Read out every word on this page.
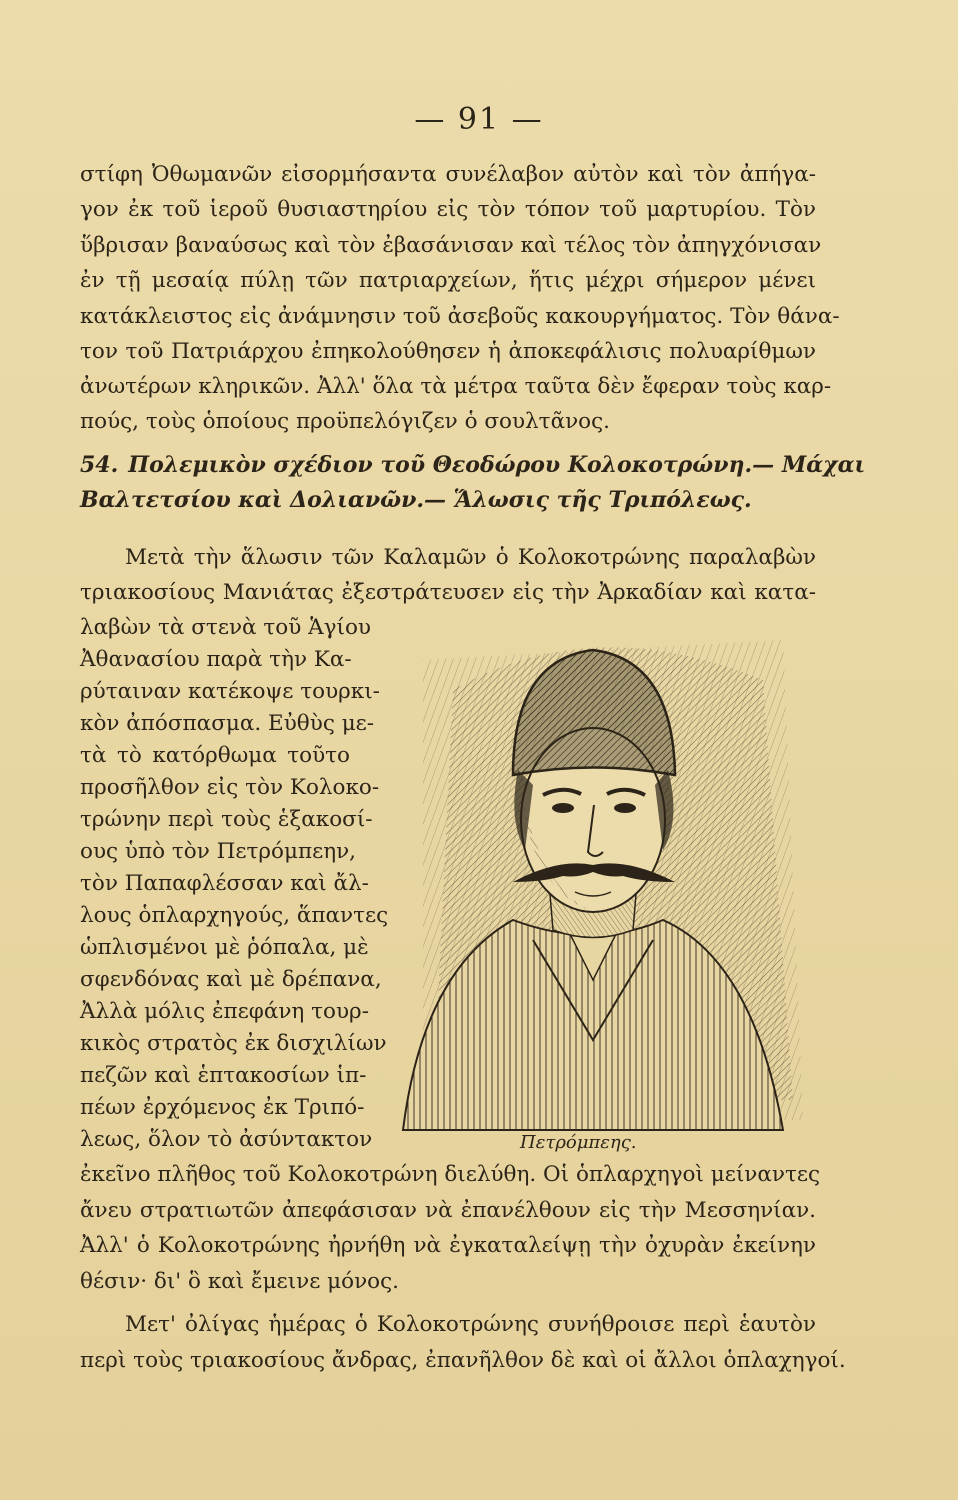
— 91 —
στίφη Ὀθωμανῶν εἰσορμήσαντα συνέλαβον αὐτὸν καὶ τὸν ἀπήγα-
γον ἐκ τοῦ ἱεροῦ θυσιαστηρίου εἰς τὸν τόπον τοῦ μαρτυρίου. Τὸν
ὕβρισαν βαναύσως καὶ τὸν ἐβασάνισαν καὶ τέλος τὸν ἀπηγχόνισαν
ἐν τῇ μεσαίᾳ πύλῃ τῶν πατριαρχείων, ἥτις μέχρι σήμερον μένει
κατάκλειστος εἰς ἀνάμνησιν τοῦ ἀσεβοῦς κακουργήματος. Τὸν θάνα-
τον τοῦ Πατριάρχου ἐπηκολούθησεν ἡ ἀποκεφάλισις πολυαρίθμων
ἀνωτέρων κληρικῶν. Ἀλλ' ὅλα τὰ μέτρα ταῦτα δὲν ἔφεραν τοὺς καρ-
πούς, τοὺς ὁποίους προϋπελόγιζεν ὁ σουλτᾶνος.
54. Πολεμικὸν σχέδιον τοῦ Θεοδώρου Κολοκοτρώνη.— Μάχαι
Βαλτετσίου καὶ Δολιανῶν.— Ἅλωσις τῆς Τριπόλεως.
Μετὰ τὴν ἅλωσιν τῶν Καλαμῶν ὁ Κολοκοτρώνης παραλαβὼν
τριακοσίους Μανιάτας ἐξεστράτευσεν εἰς τὴν Ἀρκαδίαν καὶ κατα-
λαβὼν τὰ στενὰ τοῦ Ἁγίου
Ἀθανασίου παρὰ τὴν Κα-
ρύταιναν κατέκοψε τουρκι-
κὸν ἀπόσπασμα. Εὐθὺς με-
τὰ τὸ κατόρθωμα τοῦτο
προσῆλθον εἰς τὸν Κολοκο-
τρώνην περὶ τοὺς ἑξακοσί-
ους ὑπὸ τὸν Πετρόμπεην,
τὸν Παπαφλέσσαν καὶ ἄλ-
λους ὁπλαρχηγούς, ἅπαντες
ὡπλισμένοι μὲ ῥόπαλα, μὲ
σφενδόνας καὶ μὲ δρέπανα,
Ἀλλὰ μόλις ἐπεφάνη τουρ-
κικὸς στρατὸς ἐκ δισχιλίων
πεζῶν καὶ ἑπτακοσίων ἱπ-
πέων ἐρχόμενος ἐκ Τριπό-
λεως, ὅλον τὸ ἀσύντακτον
ἐκεῖνο πλῆθος τοῦ Κολοκοτρώνη διελύθη. Οἱ ὁπλαρχηγοὶ μείναντες
ἄνευ στρατιωτῶν ἀπεφάσισαν νὰ ἐπανέλθουν εἰς τὴν Μεσσηνίαν.
Ἀλλ' ὁ Κολοκοτρώνης ἠρνήθη νὰ ἐγκαταλείψῃ τὴν ὀχυρὰν ἐκείνην
θέσιν· δι' ὃ καὶ ἔμεινε μόνος.
Μετ' ὀλίγας ἡμέρας ὁ Κολοκοτρώνης συνήθροισε περὶ ἑαυτὸν
περὶ τοὺς τριακοσίους ἄνδρας, ἐπανῆλθον δὲ καὶ οἱ ἄλλοι ὁπλαχηγοί.
Πετρόμπεης.
